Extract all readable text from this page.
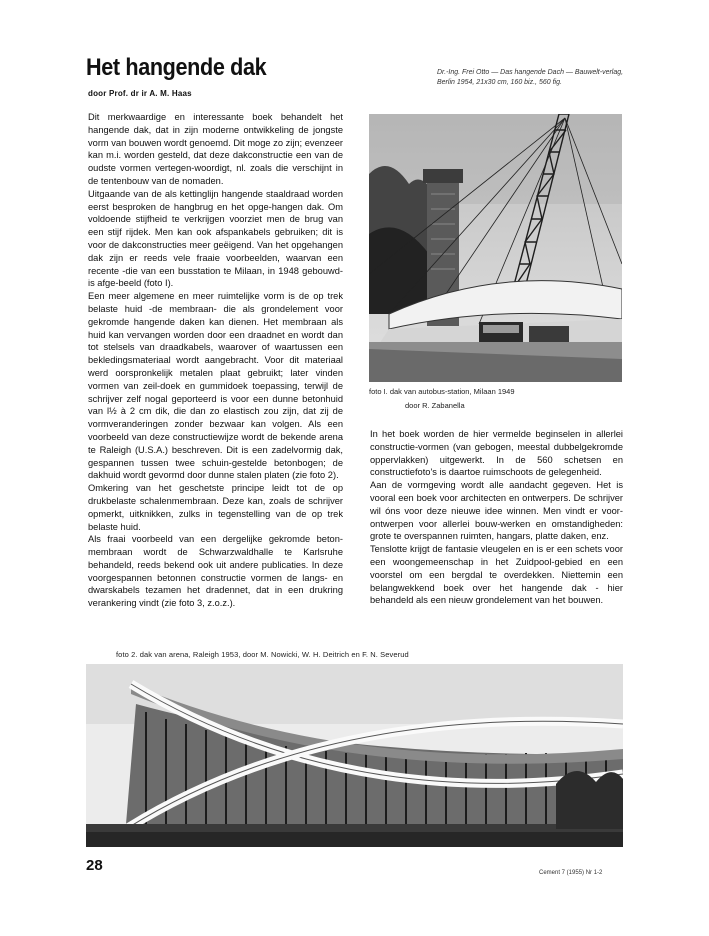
Het hangende dak
door Prof. dr ir A. M. Haas
Dr.-Ing. Frei Otto — Das hangende Dach — Bauwelt-verlag, Berlin 1954, 21x30 cm, 160 biz., 560 fig.

Dit merkwaardige en interessante boek behandelt het hangende dak, dat in zijn moderne ontwikkeling de jongste vorm van bouwen wordt genoemd. Dit moge zo zijn; evenzeer kan m.i. worden gesteld, dat deze dakconstructie een van de oudste vormen vertegen-woordigt, nl. zoals die verschijnt in de tentenbouw van de nomaden.

Uitgaande van de als kettinglijn hangende staaldraad worden eerst besproken de hangbrug en het opge-hangen dak. Om voldoende stijfheid te verkrijgen voorziet men de brug van een stijf rijdek. Men kan ook afspankabels gebruiken; dit is voor de dakconstructies meer geëigend. Van het opgehangen dak zijn er reeds vele fraaie voorbeelden, waarvan een recente -die van een busstation te Milaan, in 1948 gebouwd- is afge-beeld (foto I).

Een meer algemene en meer ruimtelijke vorm is de op trek belaste huid -de membraan- die als grondelement voor gekromde hangende daken kan dienen. Het membraan als huid kan vervangen worden door een draadnet en wordt dan tot stelsels van draadkabels, waarover of waartussen een bekledingsmateriaal wordt aangebracht. Voor dit materiaal werd oorspronkelijk metalen plaat gebruikt; later vinden vormen van zeil-doek en gummidoek toepassing, terwijl de schrijver zelf nogal geporteerd is voor een dunne betonhuid van l½ à 2 cm dik, die dan zo elastisch zou zijn, dat zij de vormveranderingen zonder bezwaar kan volgen. Als een voorbeeld van deze constructiewijze wordt de bekende arena te Raleigh (U.S.A.) beschreven. Dit is een zadelvormig dak, gespannen tussen twee schuin-gestelde betonbogen; de dakhuid wordt gevormd door dunne stalen platen (zie foto 2).

Omkering van het geschetste principe leidt tot de op drukbelaste schalenmembraan. Deze kan, zoals de schrijver opmerkt, uitknikken, zulks in tegenstelling van de op trek belaste huid.

Als fraai voorbeeld van een dergelijke gekromde beton-membraan wordt de Schwarzwaldhalle te Karlsruhe behandeld, reeds bekend ook uit andere publicaties. In deze voorgespannen betonnen constructie vormen de langs- en dwarskabels tezamen het dradennet, dat in een drukring verankering vindt (zie foto 3, z.o.z.).

foto I. dak van autobus-station, Milaan 1949
door R. Zabanella

In het boek worden de hier vermelde beginselen in allerlei constructie-vormen (van gebogen, meestal dubbelgekromde oppervlakken) uitgewerkt. In de 560 schetsen en constructiefoto's is daartoe ruimschoots de gelegenheid.

Aan de vormgeving wordt alle aandacht gegeven. Het is vooral een boek voor architecten en ontwerpers. De schrijver wil óns voor deze nieuwe idee winnen. Men vindt er voor-ontwerpen voor allerlei bouw-werken en omstandigheden: grote te overspannen ruimten, hangars, platte daken, enz.

Tenslotte krijgt de fantasie vleugelen en is er een schets voor een woongemeenschap in het Zuidpool-gebied en een voorstel om een bergdal te overdekken. Niettemin een belangwekkend boek over het hangende dak - hier behandeld als een nieuw grondelement van het bouwen.

foto 2. dak van arena, Raleigh 1953, door M. Nowicki, W. H. Deitrich en F. N. Severud
28	Cement 7 (1955) Nr 1-2
